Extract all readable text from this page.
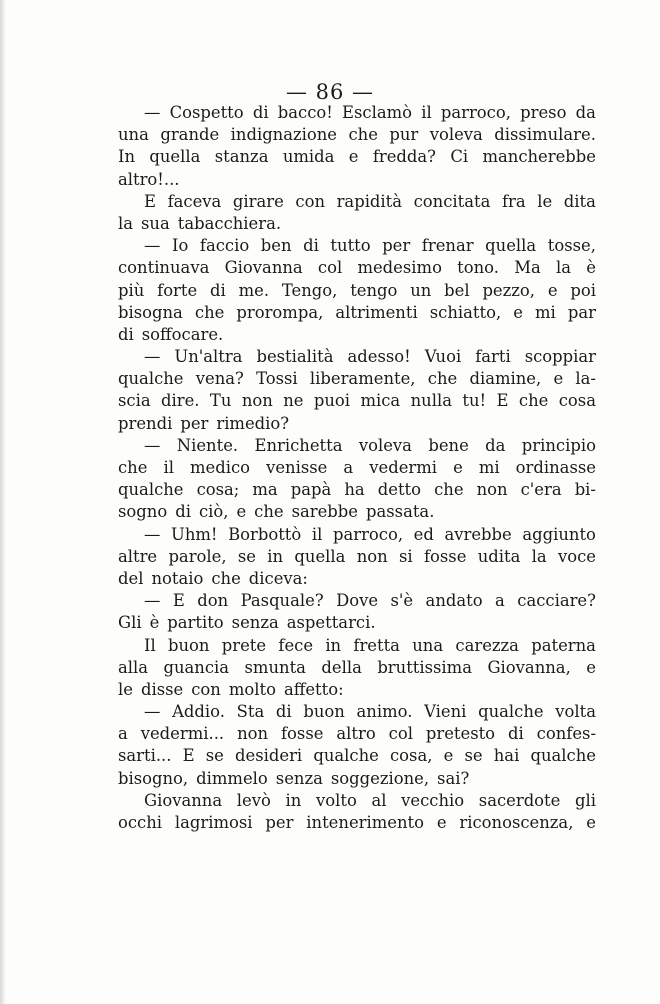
— 86 —
— Cospetto di bacco! Esclamò il parroco, preso da
una grande indignazione che pur voleva dissimulare.
In quella stanza umida e fredda? Ci mancherebbe
altro!...
E faceva girare con rapidità concitata fra le dita
la sua tabacchiera.
— Io faccio ben di tutto per frenar quella tosse,
continuava Giovanna col medesimo tono. Ma la è
più forte di me. Tengo, tengo un bel pezzo, e poi
bisogna che prorompa, altrimenti schiatto, e mi par
di soffocare.
— Un'altra bestialità adesso! Vuoi farti scoppiar
qualche vena? Tossi liberamente, che diamine, e la-
scia dire. Tu non ne puoi mica nulla tu! E che cosa
prendi per rimedio?
— Niente. Enrichetta voleva bene da principio
che il medico venisse a vedermi e mi ordinasse
qualche cosa; ma papà ha detto che non c'era bi-
sogno di ciò, e che sarebbe passata.
— Uhm! Borbottò il parroco, ed avrebbe aggiunto
altre parole, se in quella non si fosse udita la voce
del notaio che diceva:
— E don Pasquale? Dove s'è andato a cacciare?
Gli è partito senza aspettarci.
Il buon prete fece in fretta una carezza paterna
alla guancia smunta della bruttissima Giovanna, e
le disse con molto affetto:
— Addio. Sta di buon animo. Vieni qualche volta
a vedermi... non fosse altro col pretesto di confes-
sarti... E se desideri qualche cosa, e se hai qualche
bisogno, dimmelo senza soggezione, sai?
Giovanna levò in volto al vecchio sacerdote gli
occhi lagrimosi per intenerimento e riconoscenza, e
